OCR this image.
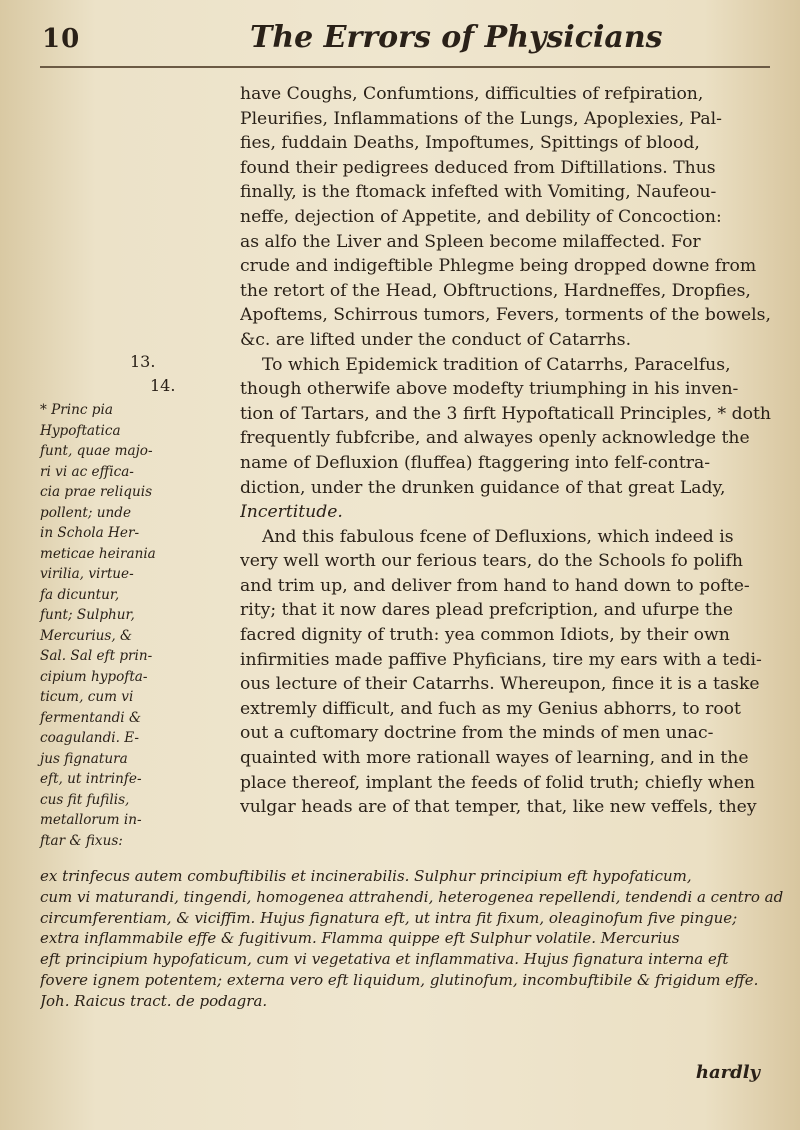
10	The Errors of Physicians
have Coughs, Confumtions, difficulties of refpiration,
Pleurifies, Inflammations of the Lungs, Apoplexies, Pal-
fies, fuddain Deaths, Impoftumes, Spittings of blood,
found their pedigrees deduced from Diftillations. Thus
finally, is the ftomack infefted with Vomiting, Naufeou-
neffe, dejection of Appetite, and debility of Concoction:
as alfo the Liver and Spleen become milaffected. For
crude and indigeftible Phlegme being dropped downe from
the retort of the Head, Obftructions, Hardneffes, Dropfies,
Apoftems, Schirrous tumors, Fevers, torments of the bowels,
&c. are lifted under the conduct of Catarrhs.
To which Epidemick tradition of Catarrhs, Paracelfus,
though otherwife above modefty triumphing in his inven-
tion of Tartars, and the 3 firft Hypoftaticall Principles, * doth
frequently fubfcribe, and alwayes openly acknowledge the
name of Defluxion (fluffea) ftaggering into felf-contra-
diction, under the drunken guidance of that great Lady,
Incertitude.
And this fabulous fcene of Defluxions, which indeed is
very well worth our ferious tears, do the Schools fo polifh
and trim up, and deliver from hand to hand down to pofte-
rity; that it now dares plead prefcription, and ufurpe the
facred dignity of truth: yea common Idiots, by their own
infirmities made paffive Phyficians, tire my ears with a tedi-
ous lecture of their Catarrhs. Whereupon, fince it is a taske
extremly difficult, and fuch as my Genius abhorrs, to root
out a cuftomary doctrine from the minds of men unac-
quainted with more rationall wayes of learning, and in the
place thereof, implant the feeds of folid truth; chiefly when
vulgar heads are of that temper, that, like new veffels, they
13.
14.
* Princ pia
Hypoftatica
funt, quae majo-
ri vi ac effica-
cia prae reliquis
pollent; unde
in Schola Her-
meticae heirania
virilia, virtue-
fa dicuntur,
funt; Sulphur,
Mercurius, &
Sal. Sal eft prin-
cipium hypofta-
ticum, cum vi
fermentandi &
coagulandi. E-
jus fignatura
eft, ut intrinfe-
cus fit fufilis,
metallorum in-
ftar & fixus:
ex trinfecus autem combuftibilis et incinerabilis. Sulphur principium eft hypofaticum,
cum vi maturandi, tingendi, homogenea attrahendi, heterogenea repellendi, tendendi a centro ad
circumferentiam, & viciffim. Hujus fignatura eft, ut intra fit fixum, oleaginofum five pingue;
extra inflammabile effe & fugitivum. Flamma quippe eft Sulphur volatile. Mercurius
eft principium hypofaticum, cum vi vegetativa et inflammativa. Hujus fignatura interna eft
fovere ignem potentem; externa vero eft liquidum, glutinofum, incombuftibile & frigidum effe.
Joh. Raicus tract. de podagra.
hardly
